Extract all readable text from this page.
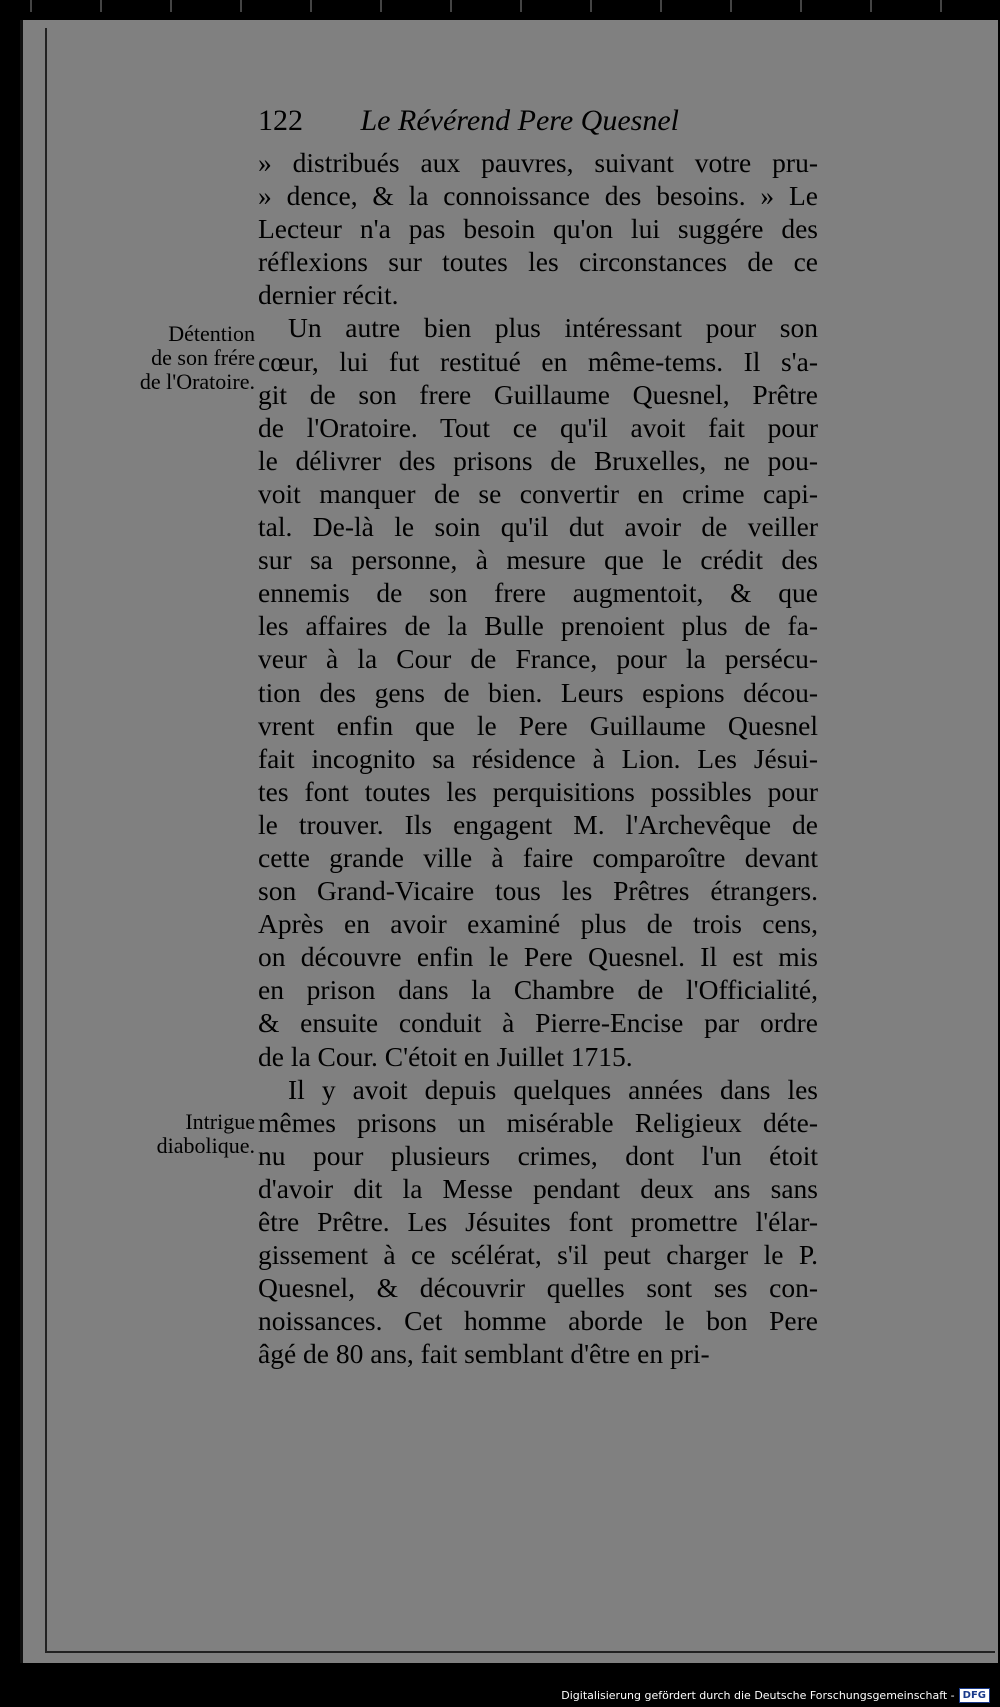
122 Le Révérend Pere Quesnel
Détention
de son frére
de l'Oratoire.
Intrigue
diabolique.
» distribués aux pauvres, suivant votre pru-
» dence, & la connoissance des besoins. » Le
Lecteur n'a pas besoin qu'on lui suggére des
réflexions sur toutes les circonstances de ce
dernier récit.
Un autre bien plus intéressant pour son
cœur, lui fut restitué en même-tems. Il s'a-
git de son frere Guillaume Quesnel, Prêtre
de l'Oratoire. Tout ce qu'il avoit fait pour
le délivrer des prisons de Bruxelles, ne pou-
voit manquer de se convertir en crime capi-
tal. De-là le soin qu'il dut avoir de veiller
sur sa personne, à mesure que le crédit des
ennemis de son frere augmentoit, & que
les affaires de la Bulle prenoient plus de fa-
veur à la Cour de France, pour la persécu-
tion des gens de bien. Leurs espions décou-
vrent enfin que le Pere Guillaume Quesnel
fait incognito sa résidence à Lion. Les Jésui-
tes font toutes les perquisitions possibles pour
le trouver. Ils engagent M. l'Archevêque de
cette grande ville à faire comparoître devant
son Grand-Vicaire tous les Prêtres étrangers.
Après en avoir examiné plus de trois cens,
on découvre enfin le Pere Quesnel. Il est mis
en prison dans la Chambre de l'Officialité,
& ensuite conduit à Pierre-Encise par ordre
de la Cour. C'étoit en Juillet 1715.
Il y avoit depuis quelques années dans les
mêmes prisons un misérable Religieux déte-
nu pour plusieurs crimes, dont l'un étoit
d'avoir dit la Messe pendant deux ans sans
être Prêtre. Les Jésuites font promettre l'élar-
gissement à ce scélérat, s'il peut charger le P.
Quesnel, & découvrir quelles sont ses con-
noissances. Cet homme aborde le bon Pere
âgé de 80 ans, fait semblant d'être en pri-
Digitalisierung gefördert durch die Deutsche Forschungsgemeinschaft - DFG
